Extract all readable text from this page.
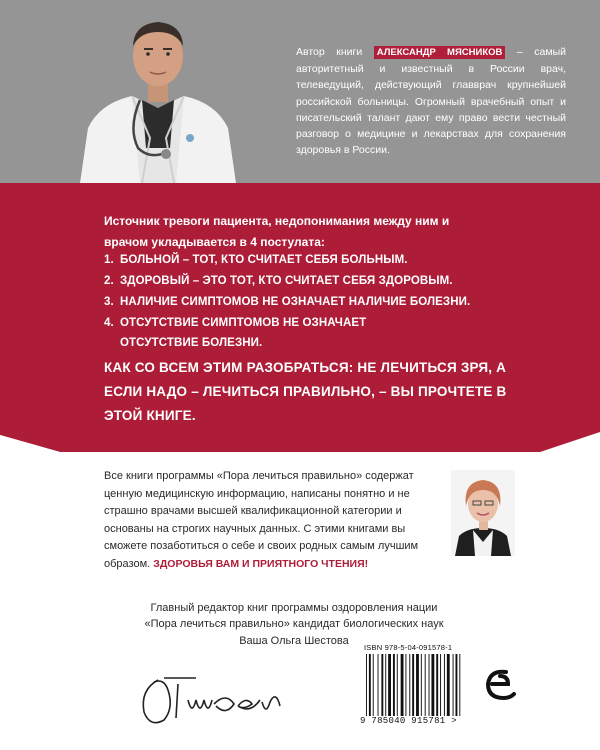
Автор книги АЛЕКСАНДР МЯСНИКОВ – самый авторитетный и известный в России врач, телеведущий, действующий главврач крупнейшей российской больницы. Огромный врачебный опыт и писательский талант дают ему право вести честный разговор о медицине и лекарствах для сохранения здоровья в России.
Источник тревоги пациента, недопонимания между ним и врачом укладывается в 4 постулата:
1. БОЛЬНОЙ – ТОТ, КТО СЧИТАЕТ СЕБЯ БОЛЬНЫМ.
2. ЗДОРОВЫЙ – ЭТО ТОТ, КТО СЧИТАЕТ СЕБЯ ЗДОРОВЫМ.
3. НАЛИЧИЕ СИМПТОМОВ НЕ ОЗНАЧАЕТ НАЛИЧИЕ БОЛЕЗНИ.
4. ОТСУТСТВИЕ СИМПТОМОВ НЕ ОЗНАЧАЕТ
ОТСУТСТВИЕ БОЛЕЗНИ.
КАК СО ВСЕМ ЭТИМ РАЗОБРАТЬСЯ: НЕ ЛЕЧИТЬСЯ ЗРЯ, А ЕСЛИ НАДО – ЛЕЧИТЬСЯ ПРАВИЛЬНО, – ВЫ ПРОЧТЕТЕ В ЭТОЙ КНИГЕ.
Все книги программы «Пора лечиться правильно» содержат ценную медицинскую информацию, написаны понятно и не страшно врачами высшей квалификационной категории и основаны на строгих научных данных. С этими книгами вы сможете позаботиться о себе и своих родных самым лучшим образом. ЗДОРОВЬЯ ВАМ И ПРИЯТНОГО ЧТЕНИЯ!
Главный редактор книг программы оздоровления нации
«Пора лечиться правильно» кандидат биологических наук
Ваша Ольга Шестова
ISBN 978-5-04-091578-1
9 785040 915781 >
